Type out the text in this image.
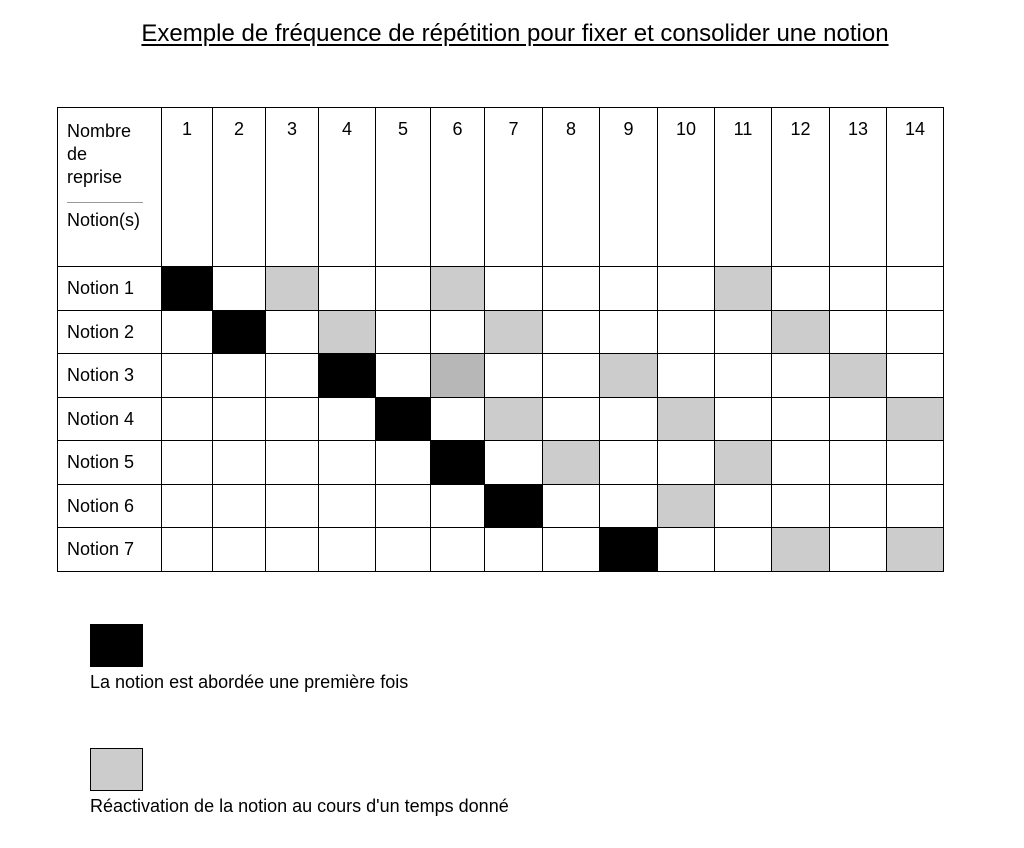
Exemple de fréquence de répétition pour fixer et consolider une notion
Nombre de reprise
Notion(s)	1	2	3	4	5	6	7	8	9	10	11	12	13	14
Notion 1														
Notion 2														
Notion 3														
Notion 4														
Notion 5														
Notion 6														
Notion 7														
La notion est abordée une première fois
Réactivation de la notion au cours d'un temps donné
